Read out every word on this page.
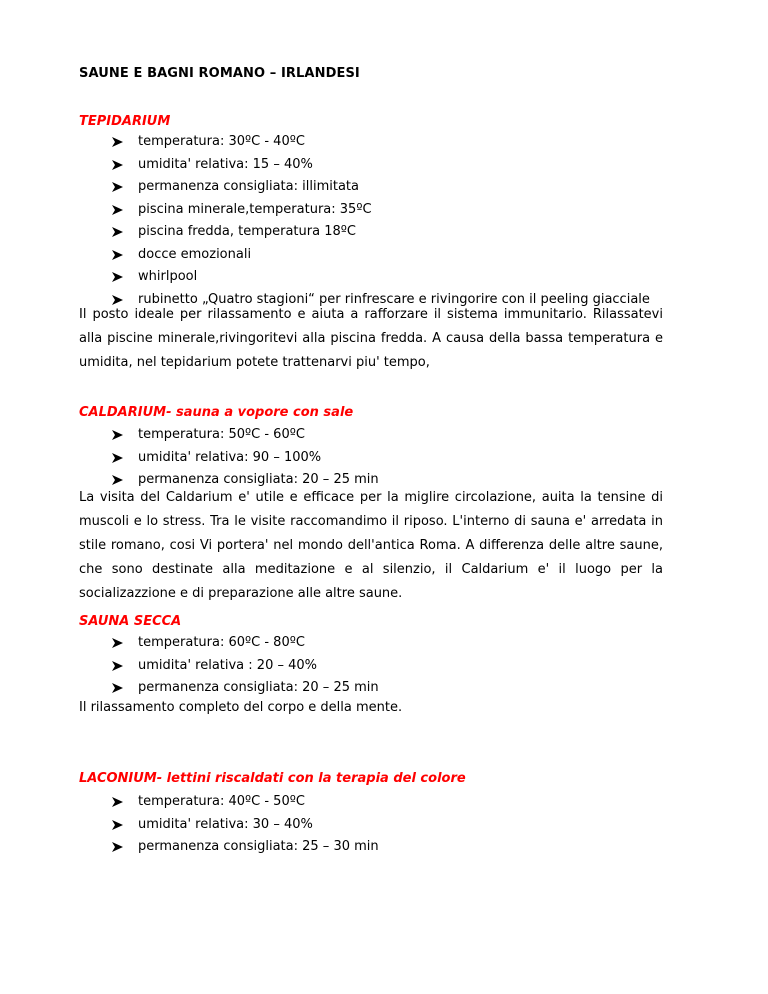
SAUNE E BAGNI ROMANO – IRLANDESI
TEPIDARIUM
temperatura: 30ºC - 40ºC
umidita' relativa: 15 – 40%
permanenza consigliata: illimitata
piscina minerale,temperatura: 35ºC
piscina fredda, temperatura 18ºC
docce emozionali
whirlpool
rubinetto „Quatro stagioni“ per rinfrescare e rivingorire con il peeling giacciale

Il posto ideale per rilassamento e aiuta a rafforzare il sistema immunitario. Rilassatevi
alla piscine minerale,rivingoritevi alla piscina fredda. A causa della bassa temperatura e
umidita, nel tepidarium potete trattenarvi piu' tempo,

CALDARIUM- sauna a vopore con sale
temperatura: 50ºC - 60ºC
umidita' relativa: 90 – 100%
permanenza consigliata: 20 – 25 min

La visita del Caldarium e' utile e efficace per la miglire circolazione, auita la tensine di
muscoli e lo stress. Tra le visite raccomandimo il riposo. L'interno di sauna e' arredata in
stile romano, cosi Vi portera' nel mondo dell'antica Roma. A differenza delle altre saune,
che sono destinate alla meditazione e al silenzio, il Caldarium e' il luogo per la
socializazzione e di preparazione alle altre saune.

SAUNA SECCA
temperatura: 60ºC - 80ºC
umidita' relativa : 20 – 40%
permanenza consigliata: 20 – 25 min

Il rilassamento completo del corpo e della mente.

LACONIUM- lettini riscaldati con la terapia del colore
temperatura: 40ºC - 50ºC
umidita' relativa: 30 – 40%
permanenza consigliata: 25 – 30 min
